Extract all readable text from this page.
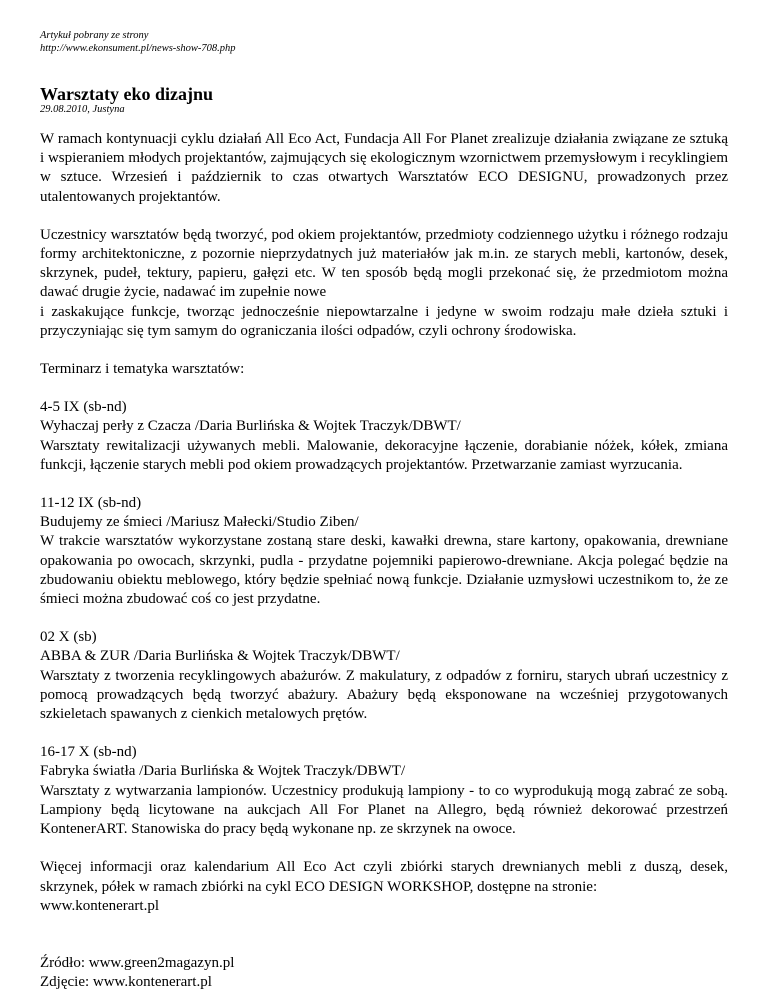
Artykuł pobrany ze strony
http://www.ekonsument.pl/news-show-708.php
Warsztaty eko dizajnu
29.08.2010, Justyna
W ramach kontynuacji cyklu działań All Eco Act, Fundacja All For Planet zrealizuje działania związane ze sztuką i wspieraniem młodych projektantów, zajmujących się ekologicznym wzornictwem przemysłowym i recyklingiem w sztuce. Wrzesień i październik to czas otwartych Warsztatów ECO DESIGNU, prowadzonych przez utalentowanych projektantów.
Uczestnicy warsztatów będą tworzyć, pod okiem projektantów, przedmioty codziennego użytku i różnego rodzaju formy architektoniczne, z pozornie nieprzydatnych już materiałów jak m.in. ze starych mebli, kartonów, desek, skrzynek, pudeł, tektury, papieru, gałęzi etc. W ten sposób będą mogli przekonać się, że przedmiotom można dawać drugie życie, nadawać im zupełnie nowe
i zaskakujące funkcje, tworząc jednocześnie niepowtarzalne i jedyne w swoim rodzaju małe dzieła sztuki i przyczyniając się tym samym do ograniczania ilości odpadów, czyli ochrony środowiska.
Terminarz i tematyka warsztatów:
4-5 IX (sb-nd)
Wyhaczaj perły z Czacza /Daria Burlińska & Wojtek Traczyk/DBWT/
Warsztaty rewitalizacji używanych mebli. Malowanie, dekoracyjne łączenie, dorabianie nóżek, kółek, zmiana funkcji, łączenie starych mebli pod okiem prowadzących projektantów. Przetwarzanie zamiast wyrzucania.
11-12 IX (sb-nd)
Budujemy ze śmieci /Mariusz Małecki/Studio Ziben/
W trakcie warsztatów wykorzystane zostaną stare deski, kawałki drewna, stare kartony, opakowania, drewniane opakowania po owocach, skrzynki, pudla - przydatne pojemniki papierowo-drewniane. Akcja polegać będzie na zbudowaniu obiektu meblowego, który będzie spełniać nową funkcje. Działanie uzmysłowi uczestnikom to, że ze śmieci można zbudować coś co jest przydatne.
02 X (sb)
ABBA & ZUR /Daria Burlińska & Wojtek Traczyk/DBWT/
Warsztaty z tworzenia recyklingowych abażurów. Z makulatury, z odpadów z forniru, starych ubrań uczestnicy z pomocą prowadzących będą tworzyć abażury. Abażury będą eksponowane na wcześniej przygotowanych szkieletach spawanych z cienkich metalowych prętów.
16-17 X (sb-nd)
Fabryka światła /Daria Burlińska & Wojtek Traczyk/DBWT/
Warsztaty z wytwarzania lampionów. Uczestnicy produkują lampiony - to co wyprodukują mogą zabrać ze sobą. Lampiony będą licytowane na aukcjach All For Planet na Allegro, będą również dekorować przestrzeń KontenerART. Stanowiska do pracy będą wykonane np. ze skrzynek na owoce.
Więcej informacji oraz kalendarium All Eco Act czyli zbiórki starych drewnianych mebli z duszą, desek, skrzynek, półek w ramach zbiórki na cykl ECO DESIGN WORKSHOP, dostępne na stronie:
www.kontenerart.pl
Źródło: www.green2magazyn.pl
Zdjęcie: www.kontenerart.pl
